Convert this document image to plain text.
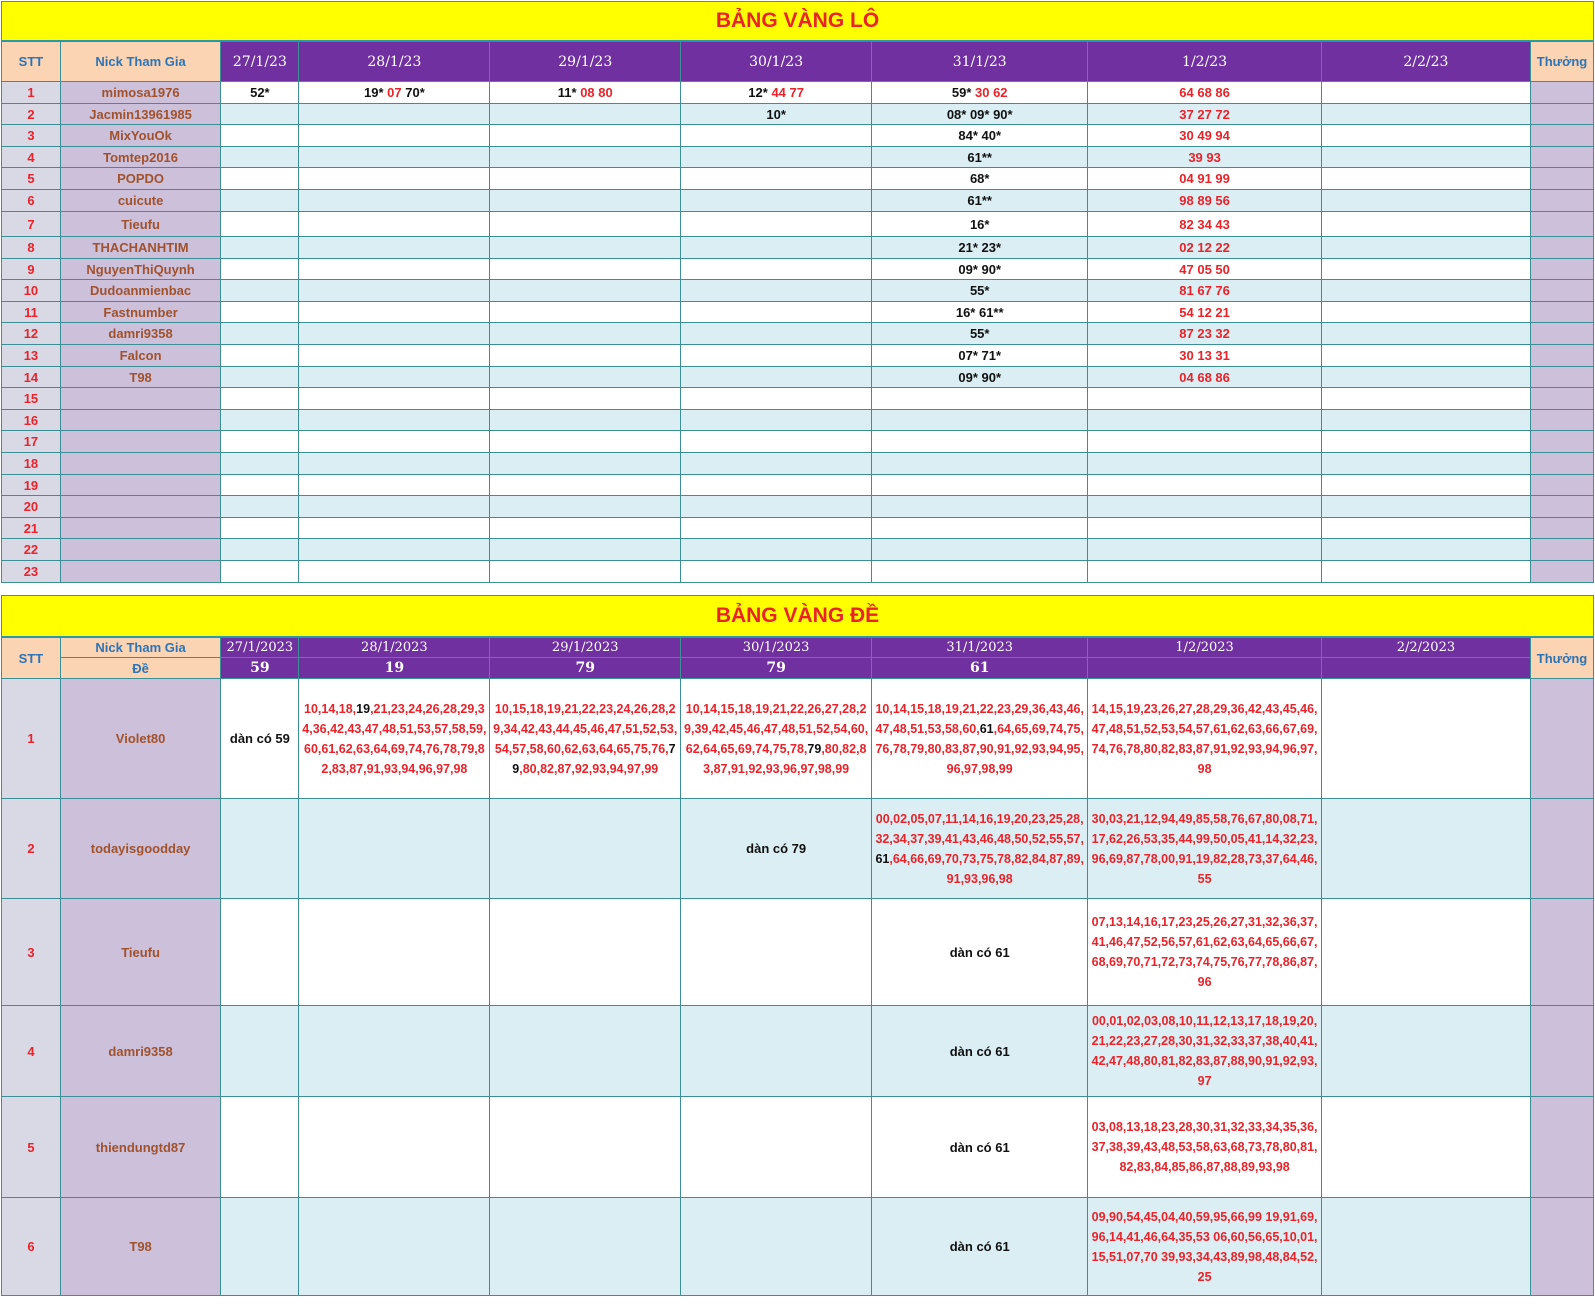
BẢNG VÀNG LÔ
STT	Nick Tham Gia	27/1/23	28/1/23	29/1/23	30/1/23	31/1/23	1/2/23	2/2/23	Thưởng
1	mimosa1976	52*	19* 07 70*	11* 08 80	12* 44 77	59* 30 62	64 68 86		
2	Jacmin13961985				10*	08* 09* 90*	37 27 72		
3	MixYouOk					84* 40*	30 49 94		
4	Tomtep2016					61**	39 93		
5	POPDO					68*	04 91 99		
6	cuicute					61**	98 89 56		
7	Tieufu					16*	82 34 43		
8	THACHANHTIM					21* 23*	02 12 22		
9	NguyenThiQuynh					09* 90*	47 05 50		
10	Dudoanmienbac					55*	81 67 76		
11	Fastnumber					16* 61**	54 12 21		
12	damri9358					55*	87 23 32		
13	Falcon					07* 71*	30 13 31		
14	T98					09* 90*	04 68 86		
15									
16									
17									
18									
19									
20									
21									
22									
23									
BẢNG VÀNG ĐỀ
STT	Nick Tham Gia	27/1/2023	28/1/2023	29/1/2023	30/1/2023	31/1/2023	1/2/2023	2/2/2023	Thưởng
	Đề	59	19	79	79	61			
1	Violet80	dàn có 59	10,14,18,19,21,23,24,26,28,29,34,36,42,43,47,48,51,53,57,58,59,60,61,62,63,64,69,74,76,78,79,82,83,87,91,93,94,96,97,98	10,15,18,19,21,22,23,24,26,28,29,34,42,43,44,45,46,47,51,52,53,54,57,58,60,62,63,64,65,75,76,79,80,82,87,92,93,94,97,99	10,14,15,18,19,21,22,26,27,28,29,39,42,45,46,47,48,51,52,54,60,62,64,65,69,74,75,78,79,80,82,83,87,91,92,93,96,97,98,99	10,14,15,18,19,21,22,23,29,36,43,46,47,48,51,53,58,60,61,64,65,69,74,75,76,78,79,80,83,87,90,91,92,93,94,95,96,97,98,99	14,15,19,23,26,27,28,29,36,42,43,45,46,47,48,51,52,53,54,57,61,62,63,66,67,69,74,76,78,80,82,83,87,91,92,93,94,96,97,98		
2	todayisgoodday				dàn có 79	00,02,05,07,11,14,16,19,20,23,25,28,32,34,37,39,41,43,46,48,50,52,55,57,61,64,66,69,70,73,75,78,82,84,87,89,91,93,96,98	30,03,21,12,94,49,85,58,76,67,80,08,71,17,62,26,53,35,44,99,50,05,41,14,32,23,96,69,87,78,00,91,19,82,28,73,37,64,46,55		
3	Tieufu					dàn có 61	07,13,14,16,17,23,25,26,27,31,32,36,37,41,46,47,52,56,57,61,62,63,64,65,66,67,68,69,70,71,72,73,74,75,76,77,78,86,87,96		
4	damri9358					dàn có 61	00,01,02,03,08,10,11,12,13,17,18,19,20,21,22,23,27,28,30,31,32,33,37,38,40,41,42,47,48,80,81,82,83,87,88,90,91,92,93,97		
5	thiendungtd87					dàn có 61	03,08,13,18,23,28,30,31,32,33,34,35,36,37,38,39,43,48,53,58,63,68,73,78,80,81,82,83,84,85,86,87,88,89,93,98		
6	T98					dàn có 61	09,90,54,45,04,40,59,95,66,99 19,91,69,96,14,41,46,64,35,53 06,60,56,65,10,01,15,51,07,70 39,93,34,43,89,98,48,84,52,25		
